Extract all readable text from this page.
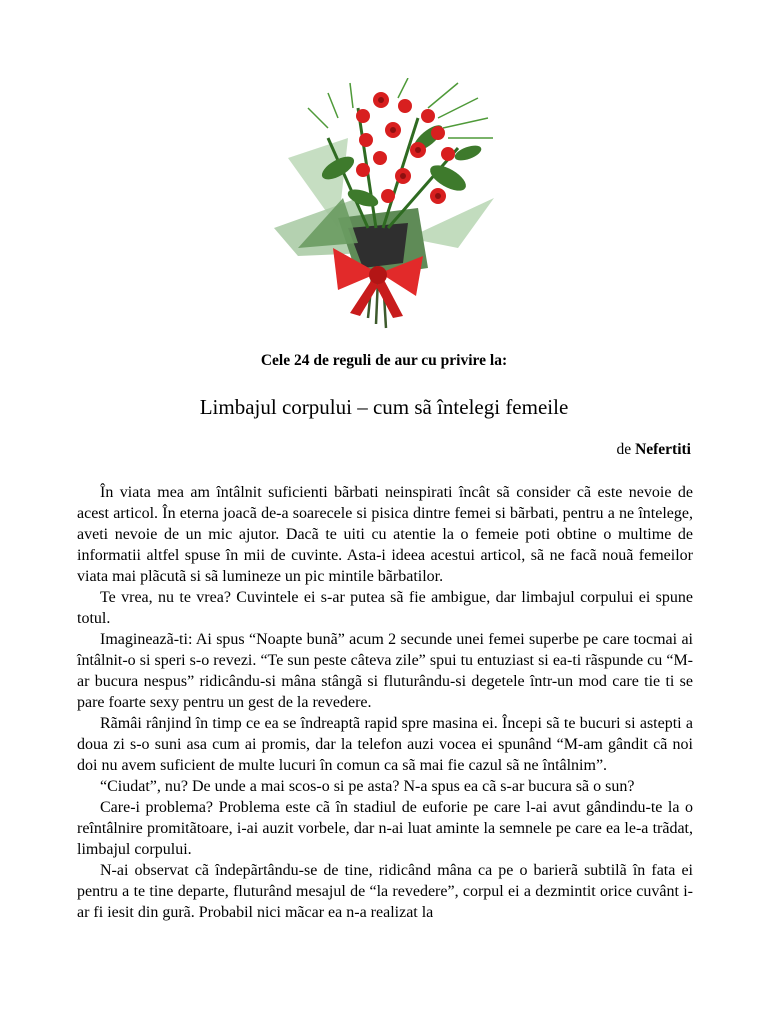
Cele 24 de reguli de aur cu privire la:
Limbajul corpului – cum sã întelegi femeile
de Nefertiti

În viata mea am întâlnit suficienti bãrbati neinspirati încât sã consider cã este nevoie de acest articol. În eterna joacã de-a soarecele si pisica dintre femei si bãrbati, pentru a ne întelege, aveti nevoie de un mic ajutor. Dacã te uiti cu atentie la o femeie poti obtine o multime de informatii altfel spuse în mii de cuvinte. Asta-i ideea acestui articol, sã ne facã nouã femeilor viata mai plãcutã si sã lumineze un pic mintile bãrbatilor.

Te vrea, nu te vrea? Cuvintele ei s-ar putea sã fie ambigue, dar limbajul corpului ei spune totul.

Imagineazã-ti: Ai spus “Noapte bunã” acum 2 secunde unei femei superbe pe care tocmai ai întâlnit-o si speri s-o revezi. “Te sun peste câteva zile” spui tu entuziast si ea-ti rãspunde cu “M-ar bucura nespus” ridicându-si mâna stângã si fluturându-si degetele într-un mod care tie ti se pare foarte sexy pentru un gest de la revedere.

Rãmâi rânjind în timp ce ea se îndreaptã rapid spre masina ei. Începi sã te bucuri si astepti a doua zi s-o suni asa cum ai promis, dar la telefon auzi vocea ei spunând “M-am gândit cã noi doi nu avem suficient de multe lucuri în comun ca sã mai fie cazul sã ne întâlnim”.

“Ciudat”, nu? De unde a mai scos-o si pe asta? N-a spus ea cã s-ar bucura sã o sun?

Care-i problema? Problema este cã în stadiul de euforie pe care l-ai avut gândindu-te la o reîntâlnire promitãtoare, i-ai auzit vorbele, dar n-ai luat aminte la semnele pe care ea le-a trãdat, limbajul corpului.

N-ai observat cã îndepãrtându-se de tine, ridicând mâna ca pe o barierã subtilã în fata ei pentru a te tine departe, fluturând mesajul de “la revedere”, corpul ei a dezmintit orice cuvânt i-ar fi iesit din gurã. Probabil nici mãcar ea n-a realizat la
